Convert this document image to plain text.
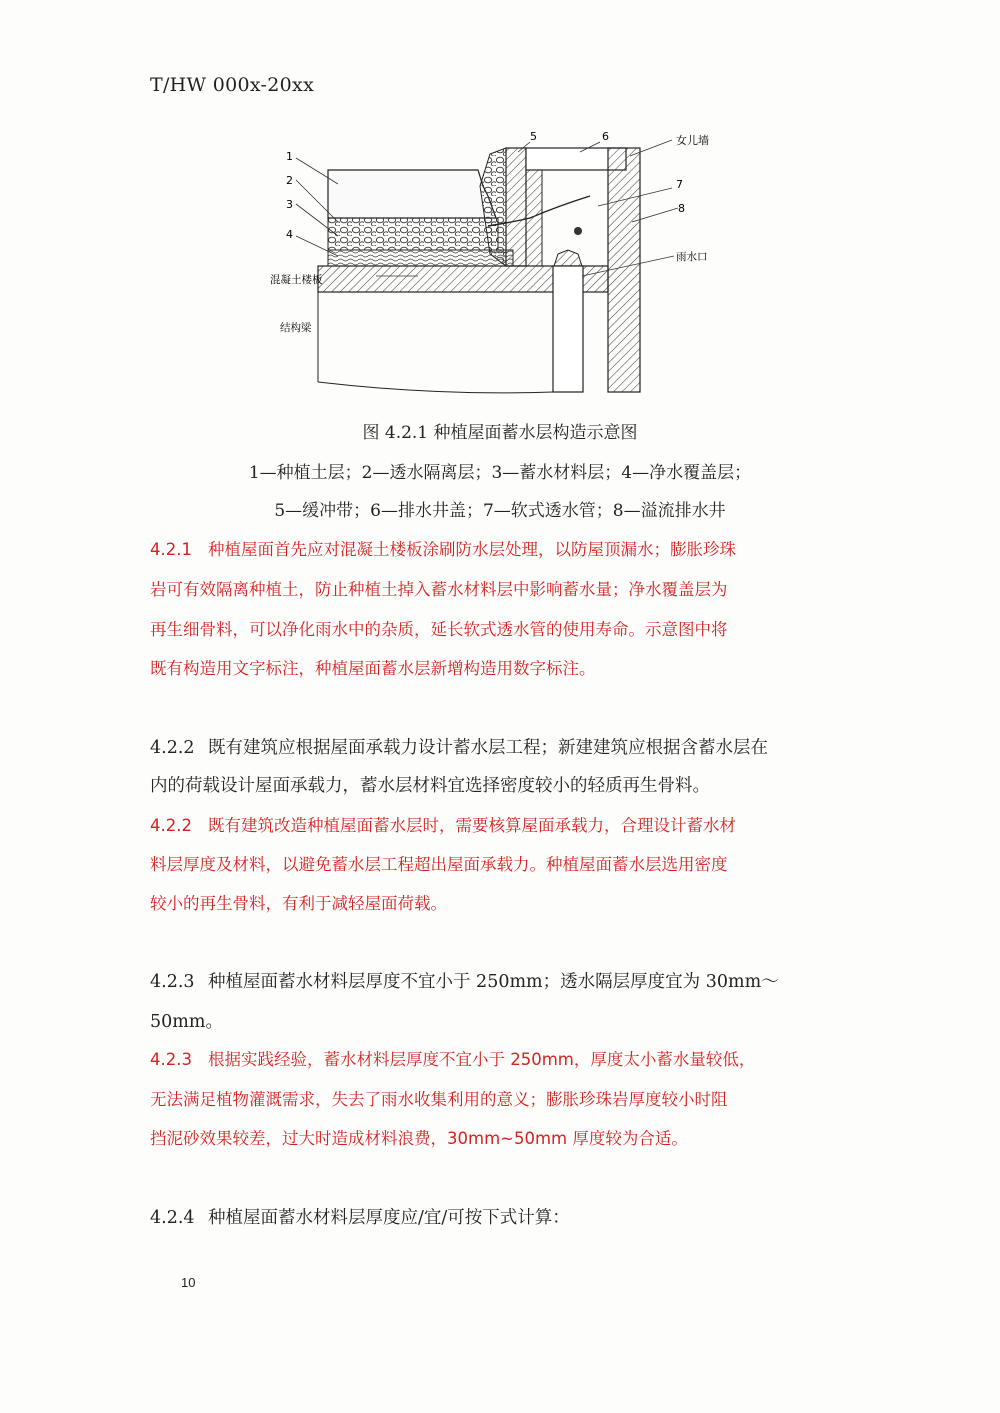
T/HW 000x-20xx
1
2
3
4
5	6	女儿墙
7
8
雨水口
混凝土楼板
结构梁
图 4.2.1 种植屋面蓄水层构造示意图
1—种植土层；2—透水隔离层；3—蓄水材料层；4—净水覆盖层；
5—缓冲带；6—排水井盖；7—软式透水管；8—溢流排水井
4.2.1 种植屋面首先应对混凝土楼板涂刷防水层处理，以防屋顶漏水；膨胀珍珠
岩可有效隔离种植土，防止种植土掉入蓄水材料层中影响蓄水量；净水覆盖层为
再生细骨料，可以净化雨水中的杂质，延长软式透水管的使用寿命。示意图中将
既有构造用文字标注，种植屋面蓄水层新增构造用数字标注。
4.2.2 既有建筑应根据屋面承载力设计蓄水层工程；新建建筑应根据含蓄水层在
内的荷载设计屋面承载力，蓄水层材料宜选择密度较小的轻质再生骨料。
4.2.2 既有建筑改造种植屋面蓄水层时，需要核算屋面承载力，合理设计蓄水材
料层厚度及材料，以避免蓄水层工程超出屋面承载力。种植屋面蓄水层选用密度
较小的再生骨料，有利于减轻屋面荷载。
4.2.3 种植屋面蓄水材料层厚度不宜小于 250mm；透水隔层厚度宜为 30mm～
50mm。
4.2.3 根据实践经验，蓄水材料层厚度不宜小于 250mm，厚度太小蓄水量较低，
无法满足植物灌溉需求，失去了雨水收集利用的意义；膨胀珍珠岩厚度较小时阻
挡泥砂效果较差，过大时造成材料浪费，30mm~50mm 厚度较为合适。
4.2.4 种植屋面蓄水材料层厚度应/宜/可按下式计算：
10
